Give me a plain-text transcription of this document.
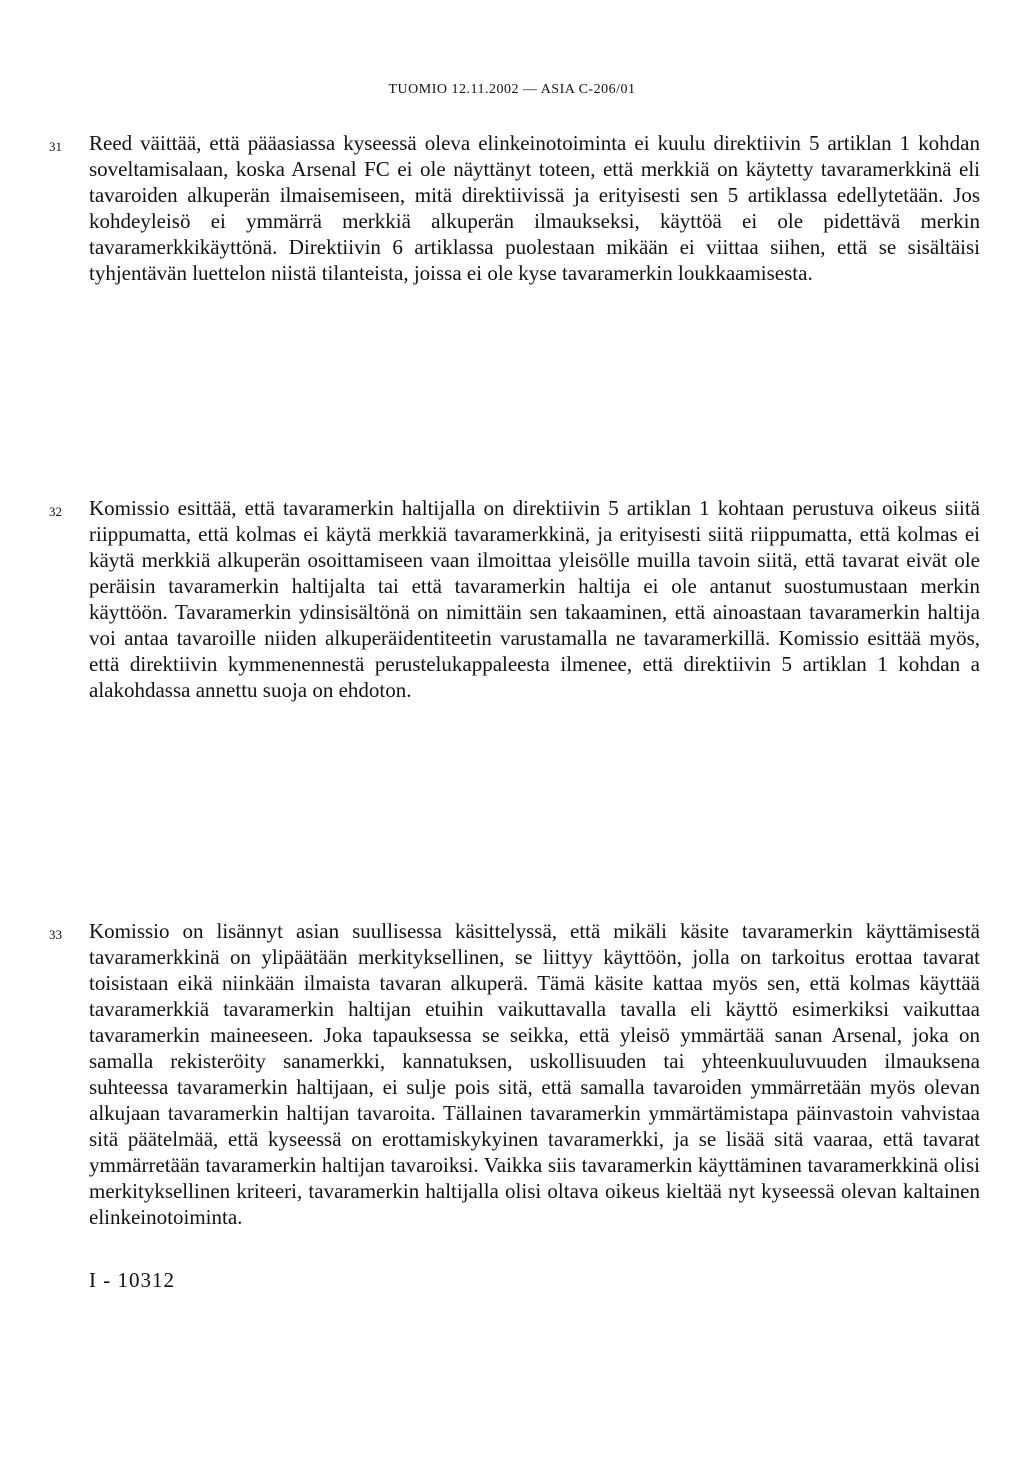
TUOMIO 12.11.2002 — ASIA C-206/01
31 Reed väittää, että pääasiassa kyseessä oleva elinkeinotoiminta ei kuulu direktiivin 5 artiklan 1 kohdan soveltamisalaan, koska Arsenal FC ei ole näyttänyt toteen, että merkkiä on käytetty tavaramerkkinä eli tavaroiden alkuperän ilmaisemiseen, mitä direktiivissä ja erityisesti sen 5 artiklassa edellytetään. Jos kohdeyleisö ei ymmärrä merkkiä alkuperän ilmaukseksi, käyttöä ei ole pidettävä merkin tavaramerkkikäyttönä. Direktiivin 6 artiklassa puolestaan mikään ei viittaa siihen, että se sisältäisi tyhjentävän luettelon niistä tilanteista, joissa ei ole kyse tavaramerkin loukkaamisesta.
32 Komissio esittää, että tavaramerkin haltijalla on direktiivin 5 artiklan 1 kohtaan perustuva oikeus siitä riippumatta, että kolmas ei käytä merkkiä tavaramerkkinä, ja erityisesti siitä riippumatta, että kolmas ei käytä merkkiä alkuperän osoittamiseen vaan ilmoittaa yleisölle muilla tavoin siitä, että tavarat eivät ole peräisin tavaramerkin haltijalta tai että tavaramerkin haltija ei ole antanut suostumustaan merkin käyttöön. Tavaramerkin ydinsisältönä on nimittäin sen takaaminen, että ainoastaan tavaramerkin haltija voi antaa tavaroille niiden alkuperäidentiteetin varustamalla ne tavaramerkillä. Komissio esittää myös, että direktiivin kymmenennestä perustelukappaleesta ilmenee, että direktiivin 5 artiklan 1 kohdan a alakohdassa annettu suoja on ehdoton.
33 Komissio on lisännyt asian suullisessa käsittelyssä, että mikäli käsite tavaramerkin käyttämisestä tavaramerkkinä on ylipäätään merkityksellinen, se liittyy käyttöön, jolla on tarkoitus erottaa tavarat toisistaan eikä niinkään ilmaista tavaran alkuperä. Tämä käsite kattaa myös sen, että kolmas käyttää tavaramerkkiä tavaramerkin haltijan etuihin vaikuttavalla tavalla eli käyttö esimerkiksi vaikuttaa tavaramerkin maineeseen. Joka tapauksessa se seikka, että yleisö ymmärtää sanan Arsenal, joka on samalla rekisteröity sanamerkki, kannatuksen, uskollisuuden tai yhteenkuuluvuuden ilmauksena suhteessa tavaramerkin haltijaan, ei sulje pois sitä, että samalla tavaroiden ymmärretään myös olevan alkujaan tavaramerkin haltijan tavaroita. Tällainen tavaramerkin ymmärtämistapa päinvastoin vahvistaa sitä päätelmää, että kyseessä on erottamiskykyinen tavaramerkki, ja se lisää sitä vaaraa, että tavarat ymmärretään tavaramerkin haltijan tavaroiksi. Vaikka siis tavaramerkin käyttäminen tavaramerkkinä olisi merkityksellinen kriteeri, tavaramerkin haltijalla olisi oltava oikeus kieltää nyt kyseessä olevan kaltainen elinkeinotoiminta.
I - 10312
